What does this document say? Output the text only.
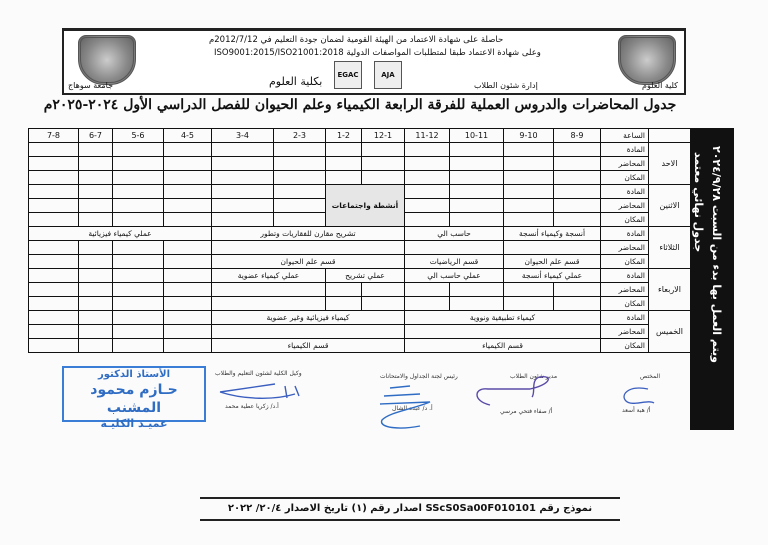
حاصلة على شهادة الاعتماد من الهيئة القومية لضمان جودة التعليم في 2012/7/12م
وعلى شهادة الاعتماد طبقا لمتطلبات المواصفات الدولية ISO9001:2015/ISO21001:2018
جامعة سوهاج	بكلية العلوم	EGAC	AJA
إدارة شئون الطلاب	كلية العلوم
جدول المحاضرات والدروس العملية للفرقة الرابعة الكيمياء وعلم الحيوان للفصل الدراسي الأول ٢٠٢٤-٢٠٢٥م
7-8	6-7	5-6	4-5	3-4	2-3	1-2	12-1	11-12	10-11	9-10	8-9	الساعة	
												المادة	الاحد
												المحاضر	
												المكان	
						أنشطة واجتماعات						المادة	الاثنين
												المحاضر	
												المكان	
عملي كيمياء فيزيائية				تشريح مقارن للفقاريات وتطور				حاسب الي		أنسجة وكيمياء أنسجة		المادة	الثلاثاء
												المحاضر	
				قسم علم الحيوان				قسم الرياضيات		قسم علم الحيوان		المكان	
				عملي كيمياء عضوية		عملي تشريح		عملي حاسب الي		عملي كيمياء أنسجة		المادة	الاربعاء
												المحاضر	
												المكان	
				كيمياء فيزيائية وغير عضوية				كيمياء تطبيقية ونووية				المادة	الخميس
												المحاضر	
				قسم الكيمياء				قسم الكيمياء				المكان	
جدول نهائي معتمد ويتم العمل بها بدء من السبت ٢٠٢٤/٩/٢٨
المختص
أ/ هبة أسعد
مدير شئون الطلاب
أ/ صفاء فتحي مرسي
رئيس لجنة الجداول والامتحانات
أ. د/ عبده الشال
وكيل الكلية لشئون التعليم والطلاب
أ.د/ زكريا عطية محمد
الأستاذ الدكتور
حـازم محمود المشنب
عميـد الكليـة
نموذج رقم SScS0Sa00F010101 اصدار رقم (١) تاريخ الاصدار ٢٠/٤/ ٢٠٢٢
